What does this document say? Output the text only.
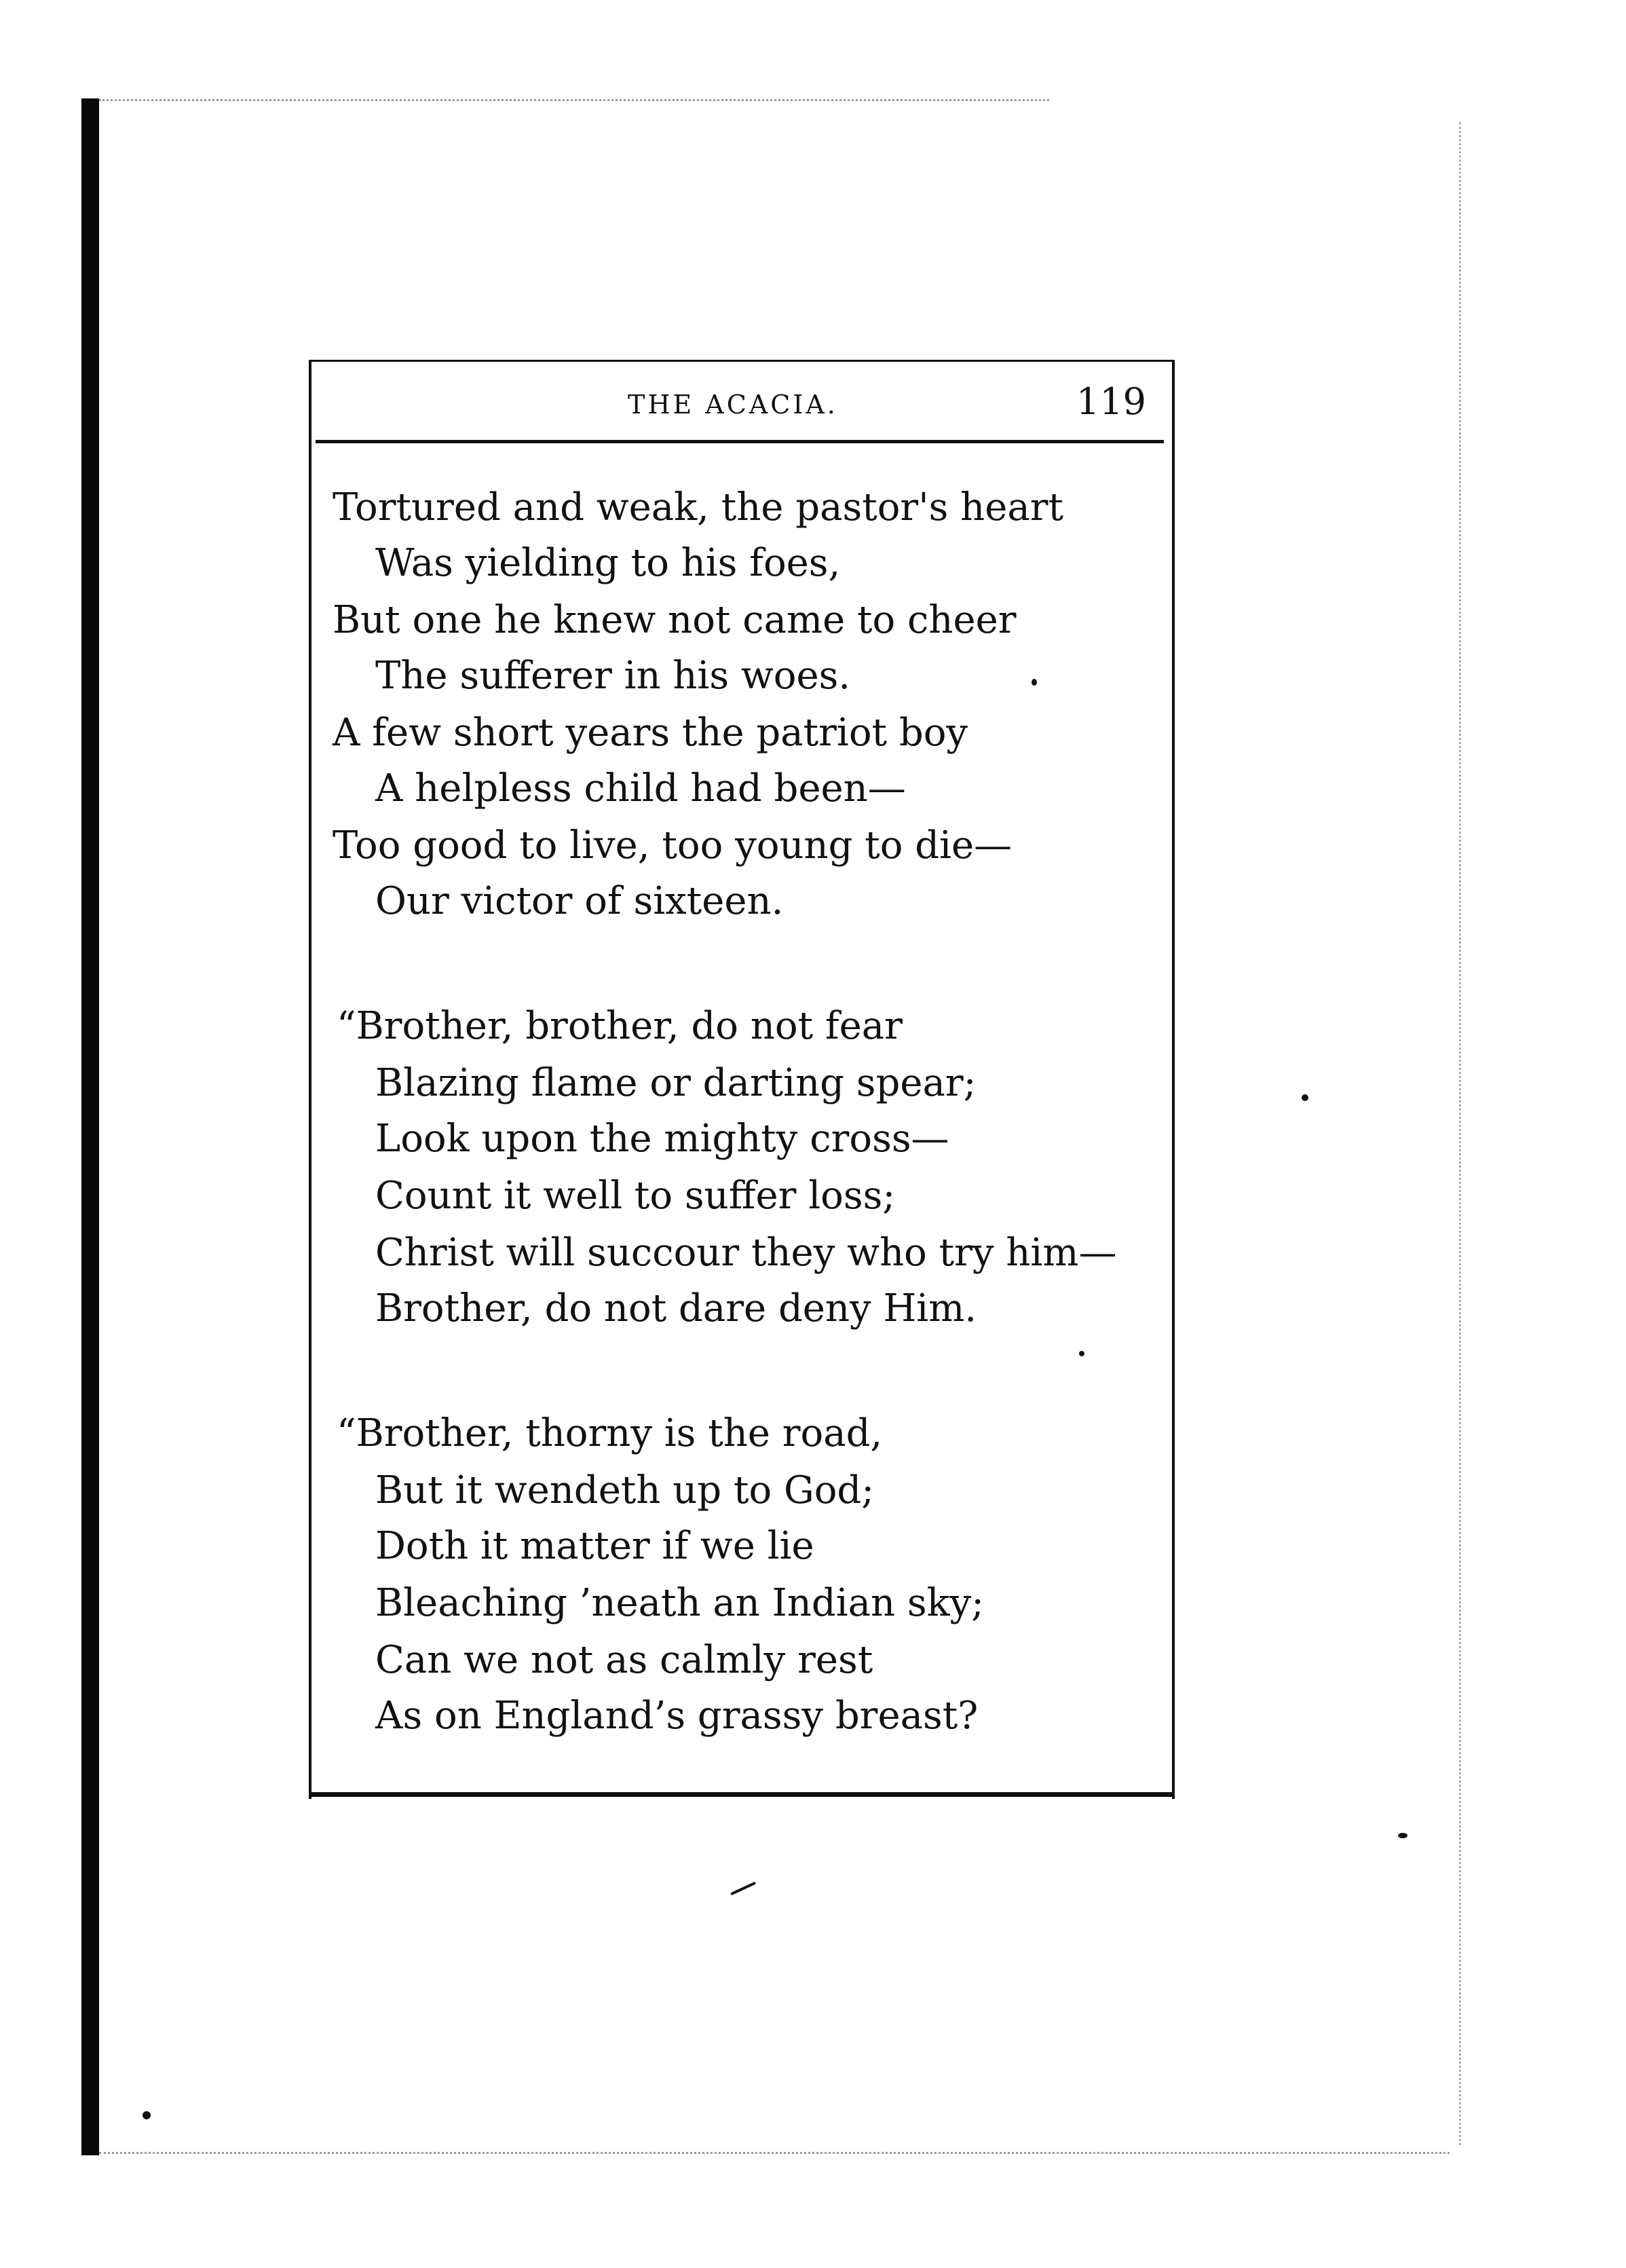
THE ACACIA.	119
Tortured and weak, the pastor's heart
Was yielding to his foes,
But one he knew not came to cheer
The sufferer in his woes.
A few short years the patriot boy
A helpless child had been—
Too good to live, too young to die—
Our victor of sixteen.
“Brother, brother, do not fear
Blazing flame or darting spear;
Look upon the mighty cross—
Count it well to suffer loss;
Christ will succour they who try him—
Brother, do not dare deny Him.
“Brother, thorny is the road,
But it wendeth up to God;
Doth it matter if we lie
Bleaching ’neath an Indian sky;
Can we not as calmly rest
As on England’s grassy breast?
